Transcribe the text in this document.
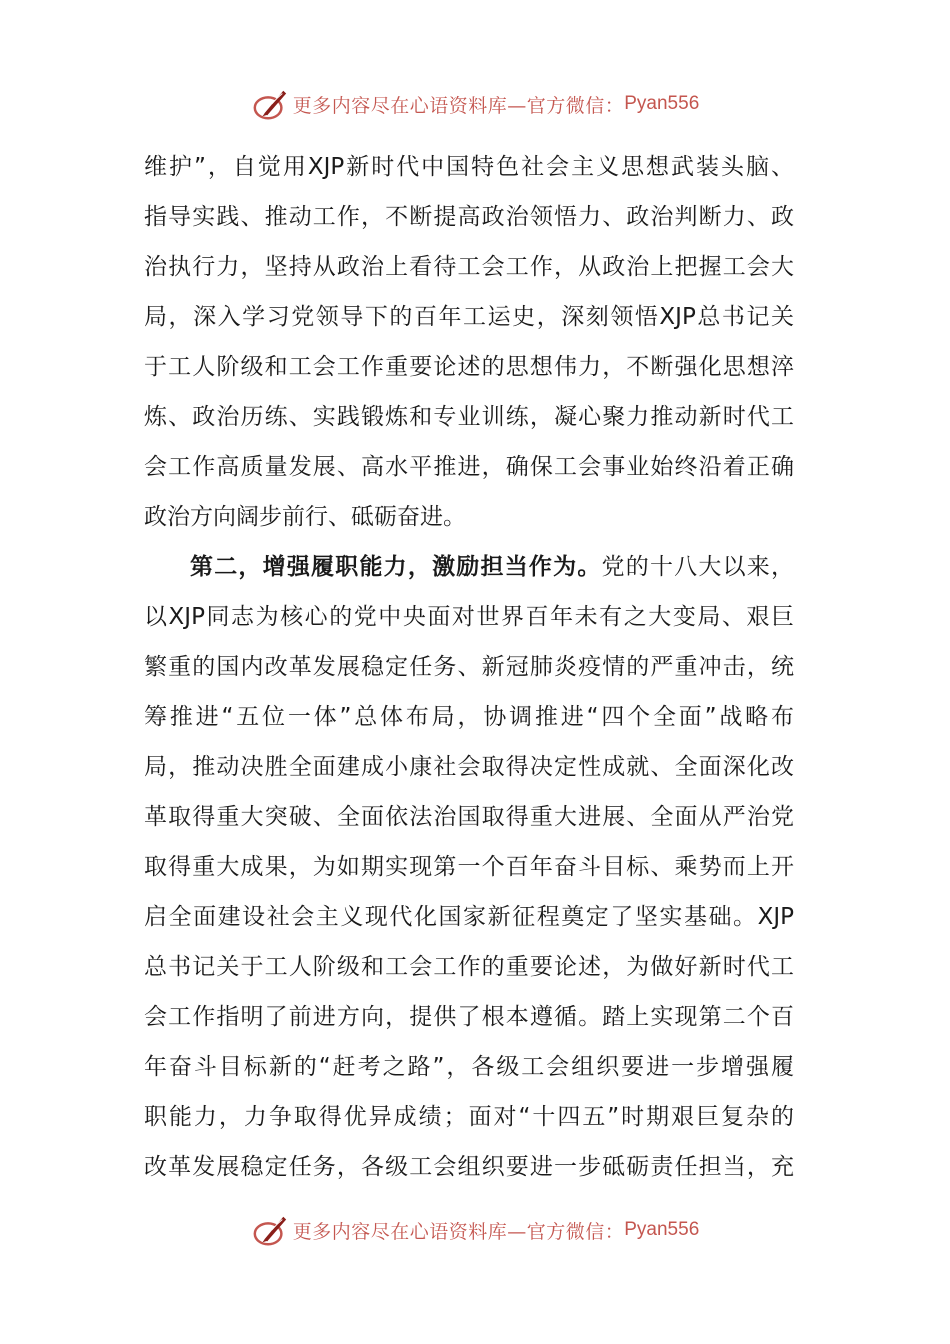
更多内容尽在心语资料库—官方微信： Pyan556
维护”，自觉用XJP新时代中国特色社会主义思想武装头脑、
指导实践、推动工作，不断提高政治领悟力、政治判断力、政
治执行力，坚持从政治上看待工会工作，从政治上把握工会大
局，深入学习党领导下的百年工运史，深刻领悟XJP总书记关
于工人阶级和工会工作重要论述的思想伟力，不断强化思想淬
炼、政治历练、实践锻炼和专业训练，凝心聚力推动新时代工
会工作高质量发展、高水平推进，确保工会事业始终沿着正确
政治方向阔步前行、砥砺奋进。
第二，增强履职能力，激励担当作为。党的十八大以来，
以XJP同志为核心的党中央面对世界百年未有之大变局、艰巨
繁重的国内改革发展稳定任务、新冠肺炎疫情的严重冲击，统
筹推进“五位一体”总体布局，协调推进“四个全面”战略布
局，推动决胜全面建成小康社会取得决定性成就、全面深化改
革取得重大突破、全面依法治国取得重大进展、全面从严治党
取得重大成果，为如期实现第一个百年奋斗目标、乘势而上开
启全面建设社会主义现代化国家新征程奠定了坚实基础。XJP
总书记关于工人阶级和工会工作的重要论述，为做好新时代工
会工作指明了前进方向，提供了根本遵循。踏上实现第二个百
年奋斗目标新的“赶考之路”，各级工会组织要进一步增强履
职能力，力争取得优异成绩；面对“十四五”时期艰巨复杂的
改革发展稳定任务，各级工会组织要进一步砥砺责任担当，充
更多内容尽在心语资料库—官方微信： Pyan556
